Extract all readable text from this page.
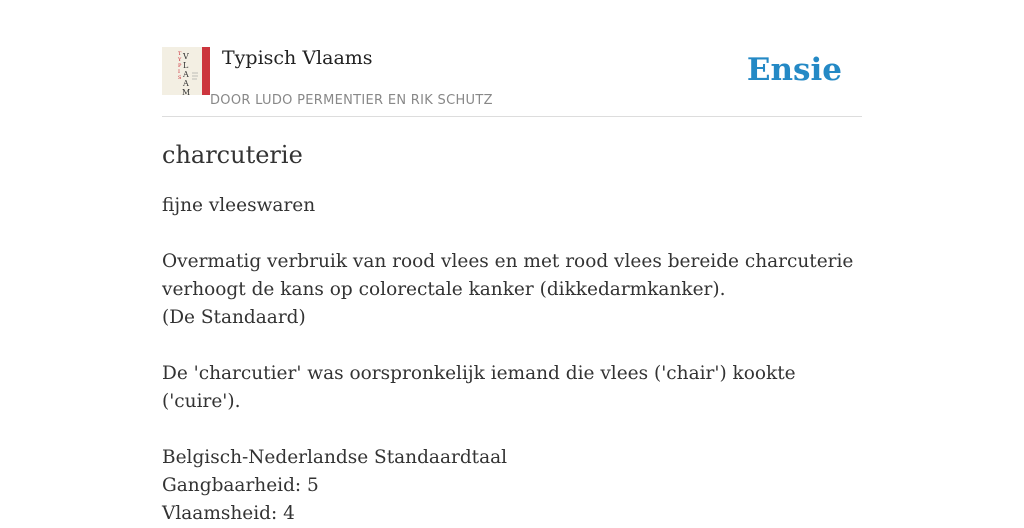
T
Y
P
I
S
V
L
A
A
M
Typisch Vlaams
DOOR LUDO PERMENTIER EN RIK SCHUTZ
Ensie
charcuterie

fijne vleeswaren

Overmatig verbruik van rood vlees en met rood vlees bereide charcuterie

verhoogt de kans op colorectale kanker (dikkedarmkanker).

(De Standaard)

De 'charcutier' was oorspronkelijk iemand die vlees ('chair') kookte ('cuire').

Belgisch-Nederlandse Standaardtaal

Gangbaarheid: 5

Vlaamsheid: 4
